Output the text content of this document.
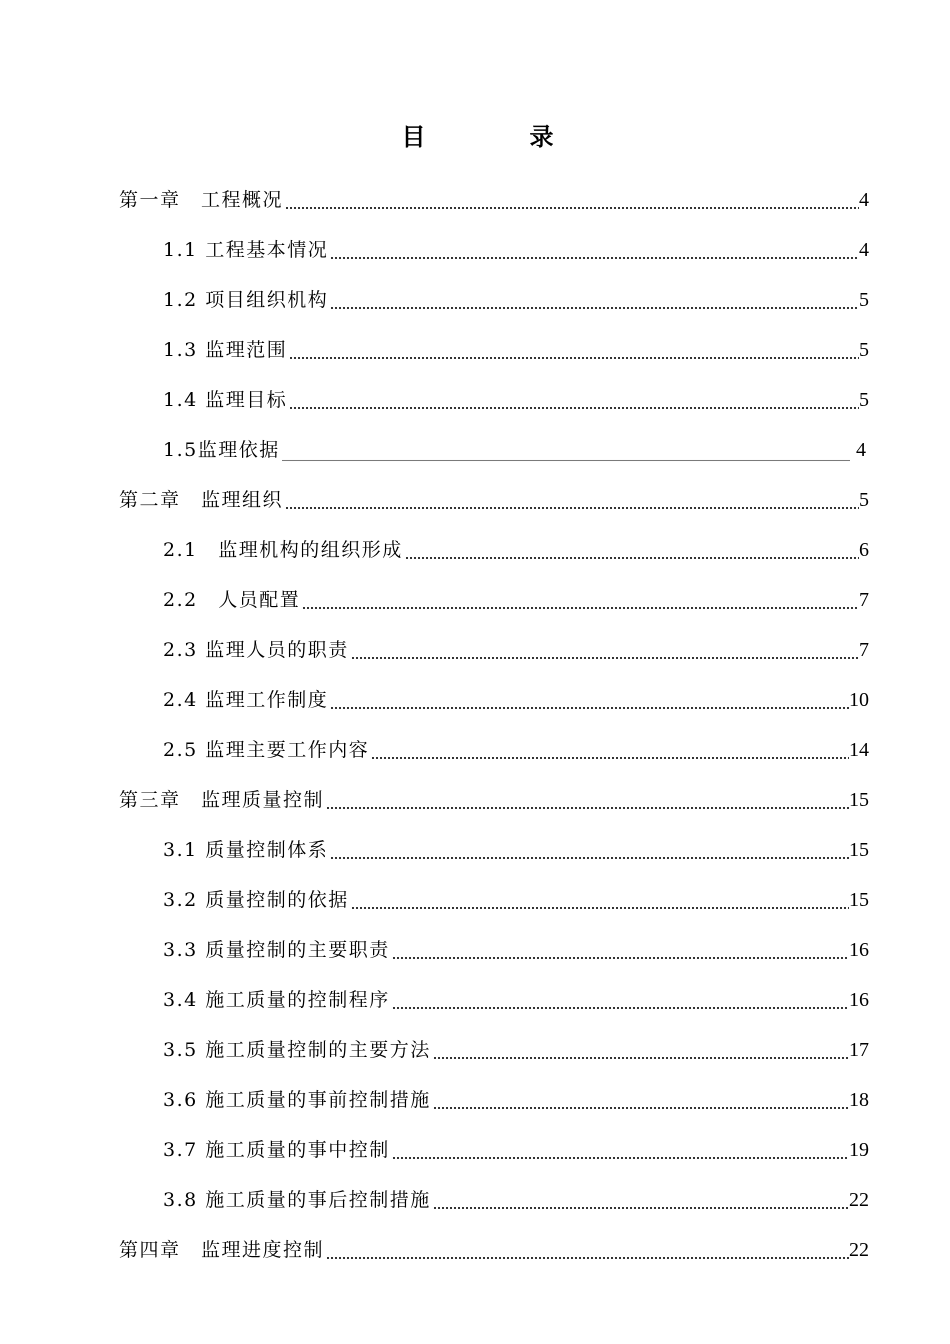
目　录
第一章　工程概况	4
1.1 工程基本情况	4
1.2 项目组织机构	5
1.3 监理范围	5
1.4 监理目标	5
1.5监理依据	4
第二章　监理组织	5
2.1　监理机构的组织形成	6
2.2　人员配置	7
2.3 监理人员的职责	7
2.4 监理工作制度	10
2.5 监理主要工作内容	14
第三章　监理质量控制	15
3.1 质量控制体系	15
3.2 质量控制的依据	15
3.3 质量控制的主要职责	16
3.4 施工质量的控制程序	16
3.5 施工质量控制的主要方法	17
3.6 施工质量的事前控制措施	18
3.7 施工质量的事中控制	19
3.8 施工质量的事后控制措施	22
第四章　监理进度控制	22
